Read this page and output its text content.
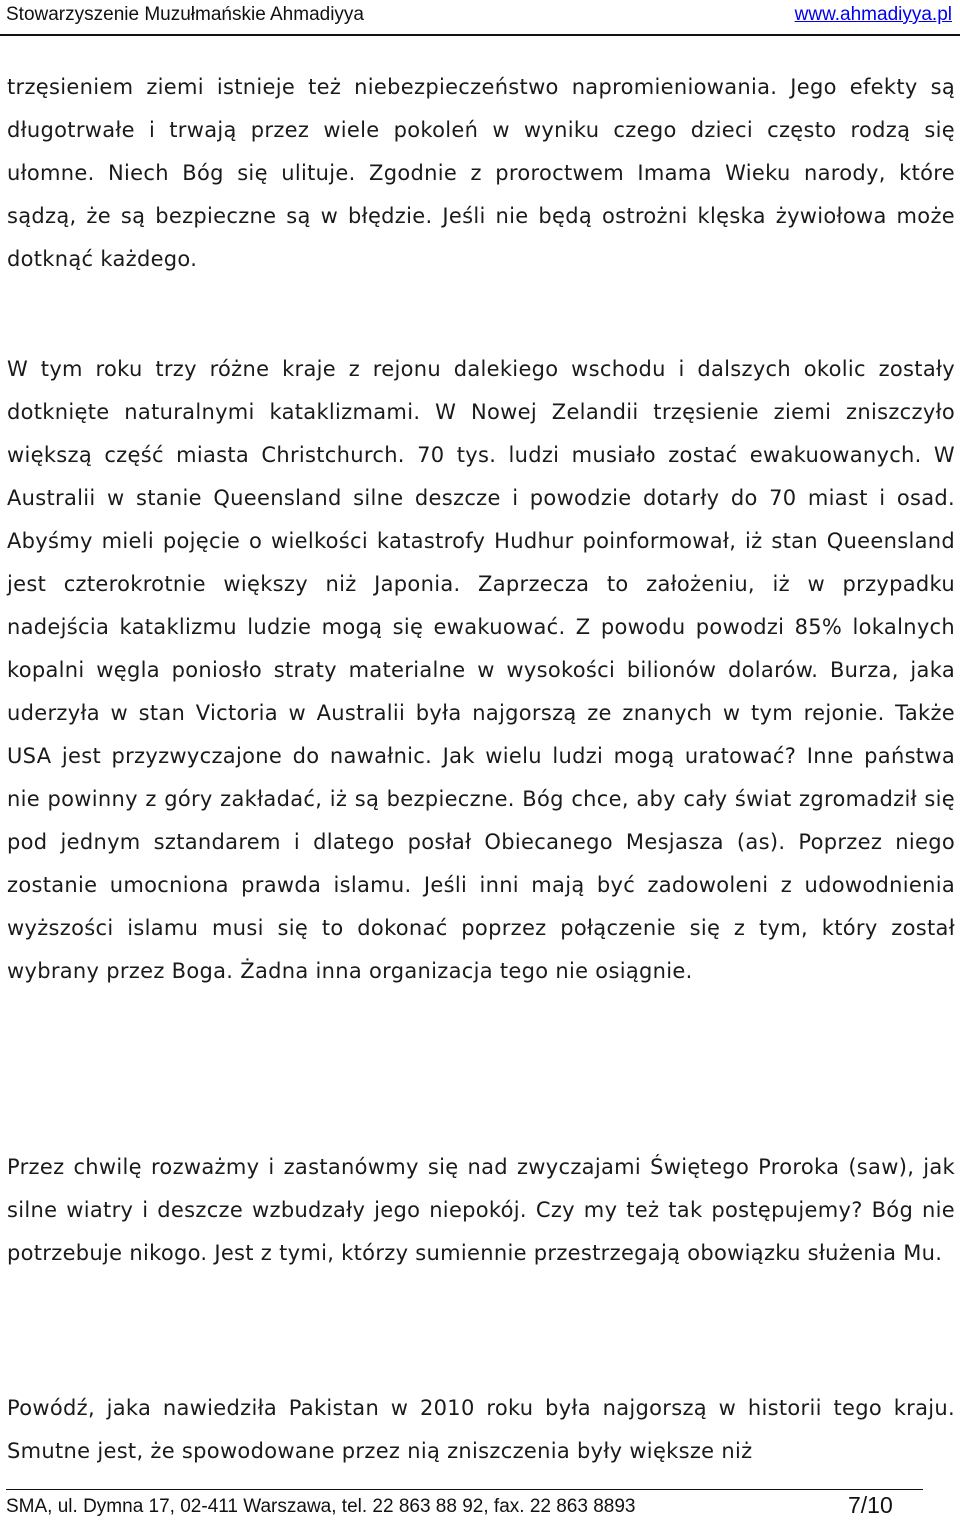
Stowarzyszenie Muzułmańskie Ahmadiyya	www.ahmadiyya.pl

trzęsieniem ziemi istnieje też niebezpieczeństwo napromieniowania. Jego efekty są długotrwałe i trwają przez wiele pokoleń w wyniku czego dzieci często rodzą się ułomne. Niech Bóg się ulituje. Zgodnie z proroctwem Imama Wieku narody, które sądzą, że są bezpieczne są w błędzie. Jeśli nie będą ostrożni klęska żywiołowa może dotknąć każdego.

W tym roku trzy różne kraje z rejonu dalekiego wschodu i dalszych okolic zostały dotknięte naturalnymi kataklizmami. W Nowej Zelandii trzęsienie ziemi zniszczyło większą część miasta Christchurch. 70 tys. ludzi musiało zostać ewakuowanych. W Australii w stanie Queensland silne deszcze i powodzie dotarły do 70 miast i osad. Abyśmy mieli pojęcie o wielkości katastrofy Hudhur poinformował, iż stan Queensland jest czterokrotnie większy niż Japonia. Zaprzecza to założeniu, iż w przypadku nadejścia kataklizmu ludzie mogą się ewakuować. Z powodu powodzi 85% lokalnych kopalni węgla poniosło straty materialne w wysokości bilionów dolarów. Burza, jaka uderzyła w stan Victoria w Australii była najgorszą ze znanych w tym rejonie. Także USA jest przyzwyczajone do nawałnic. Jak wielu ludzi mogą uratować? Inne państwa nie powinny z góry zakładać, iż są bezpieczne. Bóg chce, aby cały świat zgromadził się pod jednym sztandarem i dlatego posłał Obiecanego Mesjasza (as). Poprzez niego zostanie umocniona prawda islamu. Jeśli inni mają być zadowoleni z udowodnienia wyższości islamu musi się to dokonać poprzez połączenie się z tym, który został wybrany przez Boga. Żadna inna organizacja tego nie osiągnie.

Przez chwilę rozważmy i zastanówmy się nad zwyczajami Świętego Proroka (saw), jak silne wiatry i deszcze wzbudzały jego niepokój. Czy my też tak postępujemy? Bóg nie potrzebuje nikogo. Jest z tymi, którzy sumiennie przestrzegają obowiązku służenia Mu.

Powódź, jaka nawiedziła Pakistan w 2010 roku była najgorszą w historii tego kraju. Smutne jest, że spowodowane przez nią zniszczenia były większe niż

SMA, ul. Dymna 17, 02-411 Warszawa, tel. 22 863 88 92, fax. 22 863 8893	7/10
